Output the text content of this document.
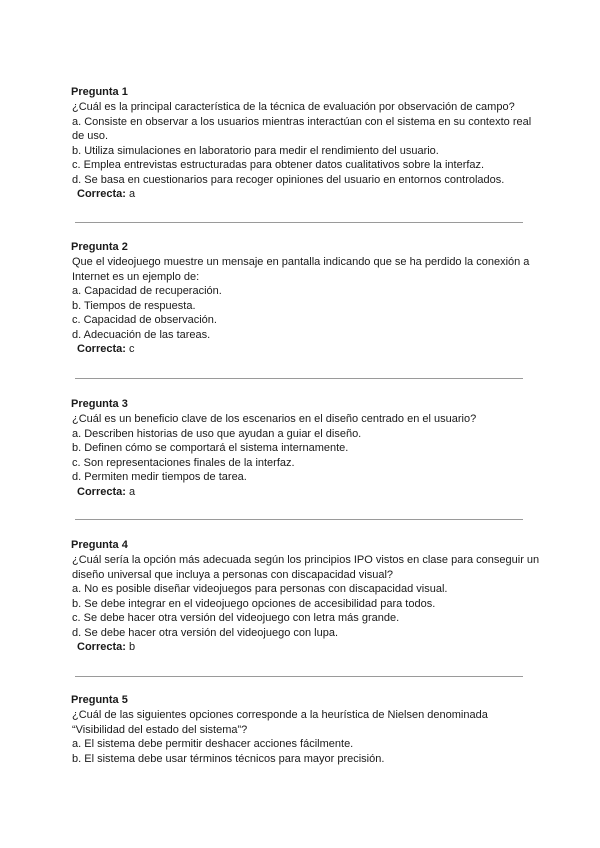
Pregunta 1
¿Cuál es la principal característica de la técnica de evaluación por observación de campo?
a. Consiste en observar a los usuarios mientras interactúan con el sistema en su contexto real de uso.
b. Utiliza simulaciones en laboratorio para medir el rendimiento del usuario.
c. Emplea entrevistas estructuradas para obtener datos cualitativos sobre la interfaz.
d. Se basa en cuestionarios para recoger opiniones del usuario en entornos controlados.
Correcta: a
Pregunta 2
Que el videojuego muestre un mensaje en pantalla indicando que se ha perdido la conexión a Internet es un ejemplo de:
a. Capacidad de recuperación.
b. Tiempos de respuesta.
c. Capacidad de observación.
d. Adecuación de las tareas.
Correcta: c
Pregunta 3
¿Cuál es un beneficio clave de los escenarios en el diseño centrado en el usuario?
a. Describen historias de uso que ayudan a guiar el diseño.
b. Definen cómo se comportará el sistema internamente.
c. Son representaciones finales de la interfaz.
d. Permiten medir tiempos de tarea.
Correcta: a
Pregunta 4
¿Cuál sería la opción más adecuada según los principios IPO vistos en clase para conseguir un diseño universal que incluya a personas con discapacidad visual?
a. No es posible diseñar videojuegos para personas con discapacidad visual.
b. Se debe integrar en el videojuego opciones de accesibilidad para todos.
c. Se debe hacer otra versión del videojuego con letra más grande.
d. Se debe hacer otra versión del videojuego con lupa.
Correcta: b
Pregunta 5
¿Cuál de las siguientes opciones corresponde a la heurística de Nielsen denominada “Visibilidad del estado del sistema”?
a. El sistema debe permitir deshacer acciones fácilmente.
b. El sistema debe usar términos técnicos para mayor precisión.
